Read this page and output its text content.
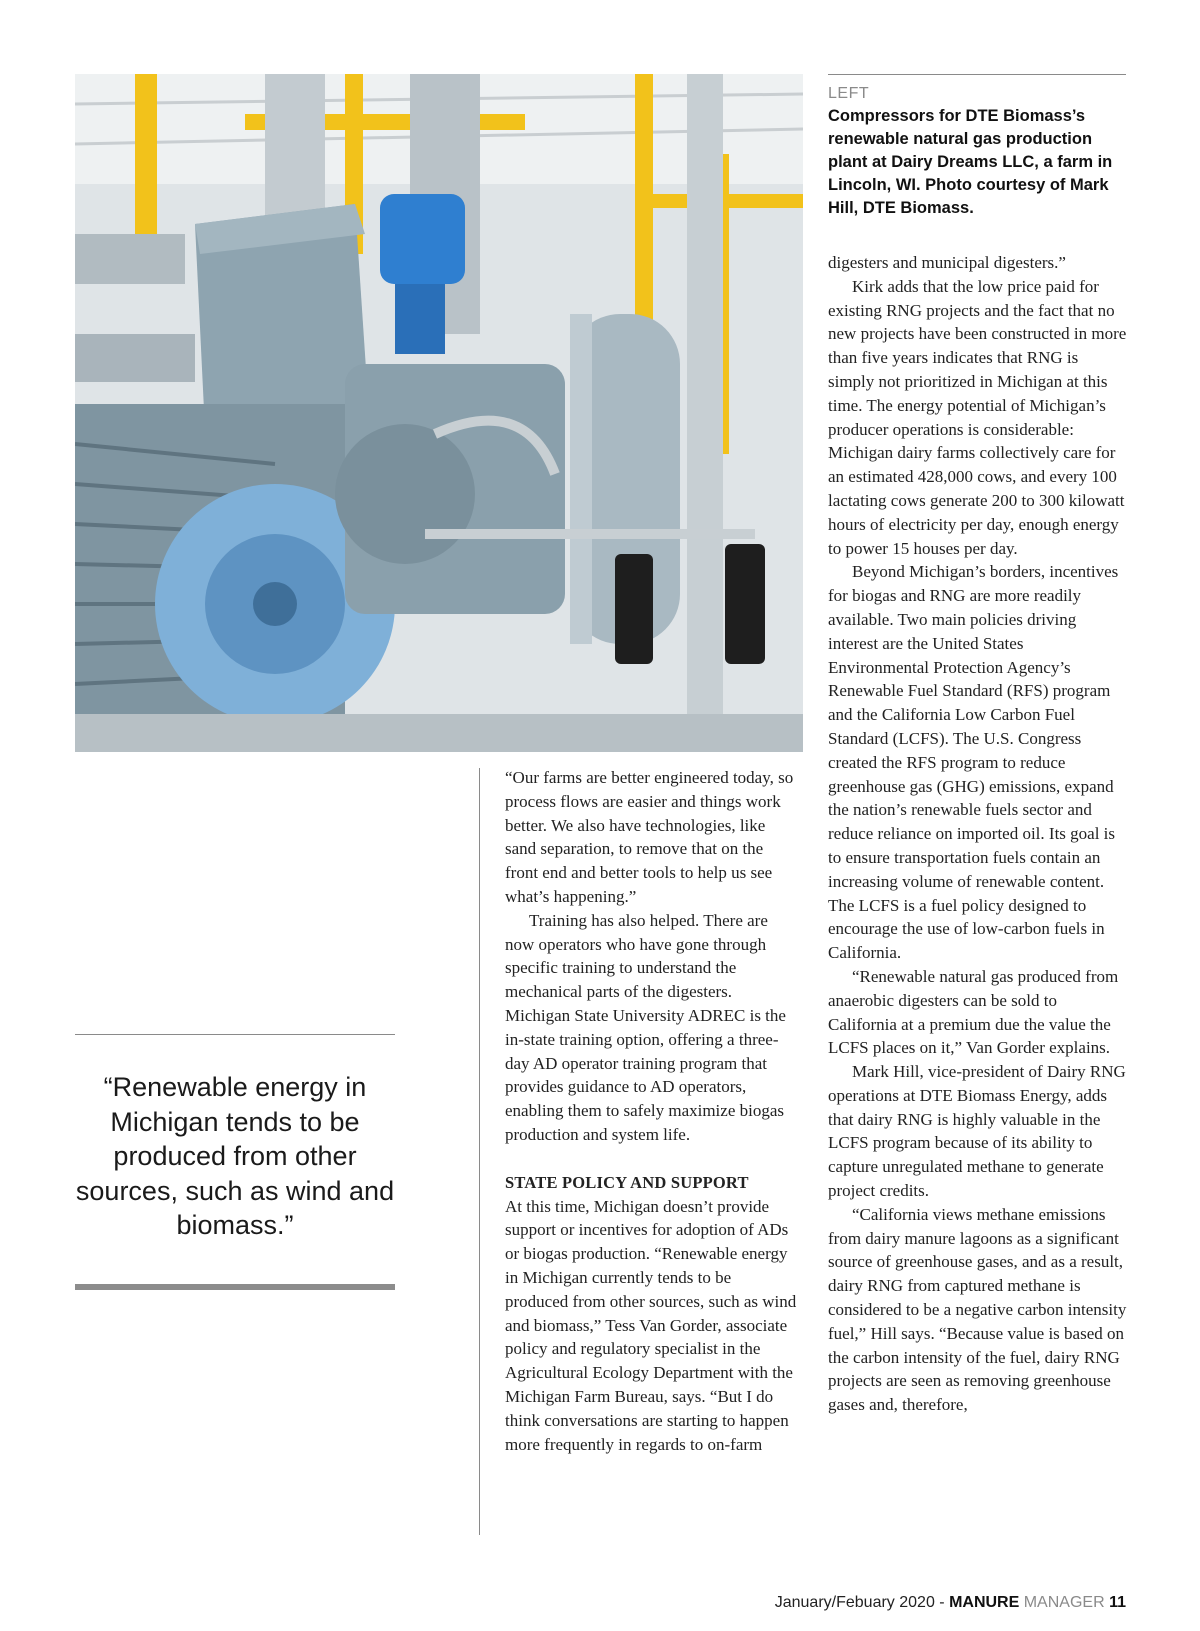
LEFT
Compressors for DTE Biomass’s renewable natural gas production plant at Dairy Dreams LLC, a farm in Lincoln, WI. Photo courtesy of Mark Hill, DTE Biomass.
“Renewable energy in Michigan tends to be produced from other sources, such as wind and biomass.”

“Our farms are better engineered today, so process flows are easier and things work better. We also have technologies, like sand separation, to remove that on the front end and better tools to help us see what’s happening.”

Training has also helped. There are now operators who have gone through specific training to understand the mechanical parts of the digesters. Michigan State University ADREC is the in-state training option, offering a three-day AD operator training program that provides guidance to AD operators, enabling them to safely maximize biogas production and system life.

STATE POLICY AND SUPPORT

At this time, Michigan doesn’t provide support or incentives for adoption of ADs or biogas production. “Renewable energy in Michigan currently tends to be produced from other sources, such as wind and biomass,” Tess Van Gorder, associate policy and regulatory specialist in the Agricultural Ecology Department with the Michigan Farm Bureau, says. “But I do think conversations are starting to happen more frequently in regards to on-farm

digesters and municipal digesters.”

Kirk adds that the low price paid for existing RNG projects and the fact that no new projects have been constructed in more than five years indicates that RNG is simply not prioritized in Michigan at this time. The energy potential of Michigan’s producer operations is considerable: Michigan dairy farms collectively care for an estimated 428,000 cows, and every 100 lactating cows generate 200 to 300 kilowatt hours of electricity per day, enough energy to power 15 houses per day.

Beyond Michigan’s borders, incentives for biogas and RNG are more readily available. Two main policies driving interest are the United States Environmental Protection Agency’s Renewable Fuel Standard (RFS) program and the California Low Carbon Fuel Standard (LCFS). The U.S. Congress created the RFS program to reduce greenhouse gas (GHG) emissions, expand the nation’s renewable fuels sector and reduce reliance on imported oil. Its goal is to ensure transportation fuels contain an increasing volume of renewable content. The LCFS is a fuel policy designed to encourage the use of low-carbon fuels in California.

“Renewable natural gas produced from anaerobic digesters can be sold to California at a premium due the value the LCFS places on it,” Van Gorder explains.

Mark Hill, vice-president of Dairy RNG operations at DTE Biomass Energy, adds that dairy RNG is highly valuable in the LCFS program because of its ability to capture unregulated methane to generate project credits.

“California views methane emissions from dairy manure lagoons as a significant source of greenhouse gases, and as a result, dairy RNG from captured methane is considered to be a negative carbon intensity fuel,” Hill says. “Because value is based on the carbon intensity of the fuel, dairy RNG projects are seen as removing greenhouse gases and, therefore,

January/Febuary 2020 - MANURE MANAGER 11
